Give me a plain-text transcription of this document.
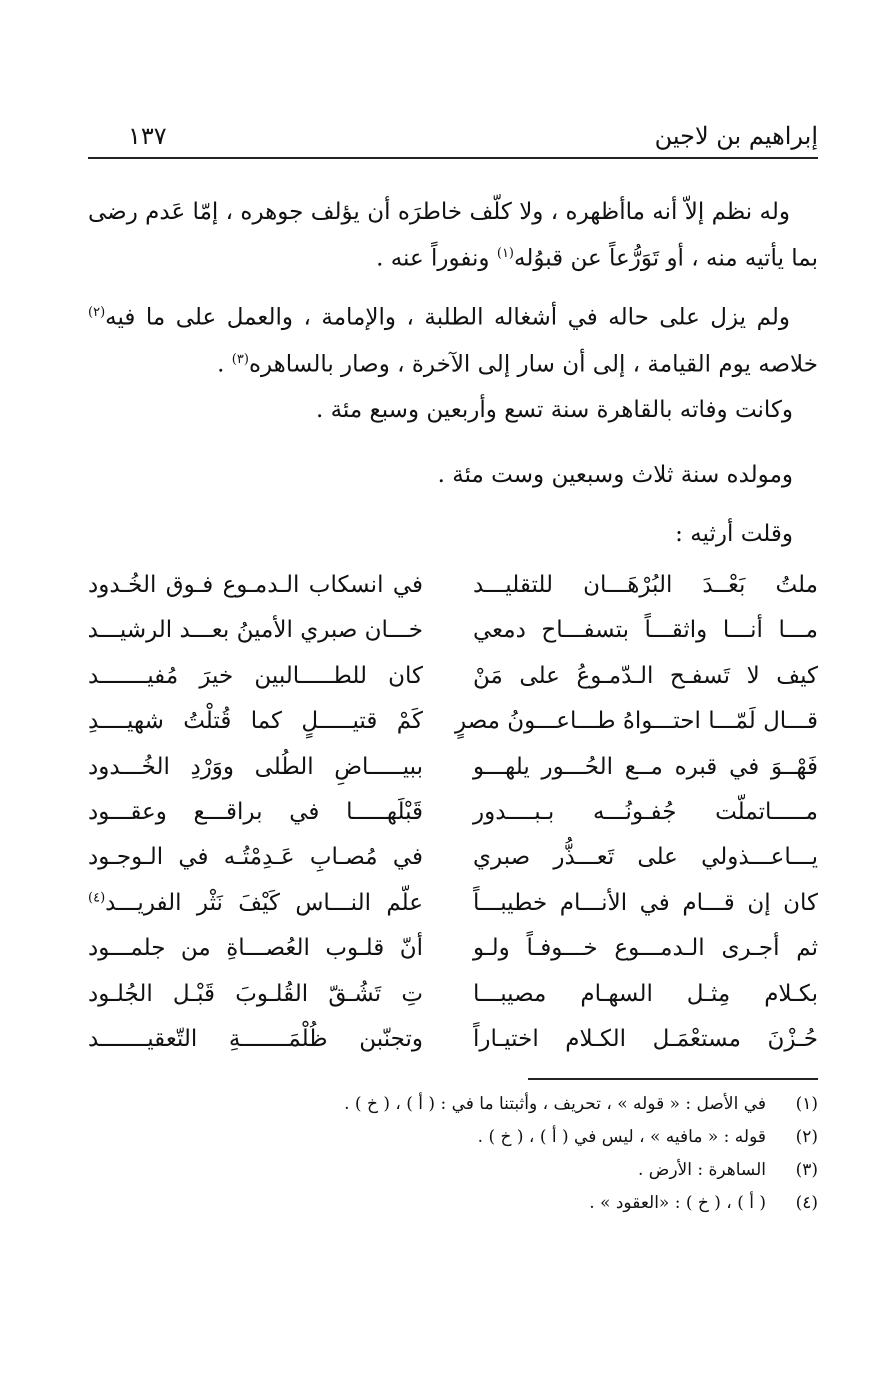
إبراهيم بن لاجين
١٣٧
وله نظم إلاّ أنه ماأظهره ، ولا كلّف خاطرَه أن يؤلف جوهره ، إمّا عَدم رضى بما يأتيه منه ، أو تَوَرُّعاً عن قبوُله$^{(١)}$ ونفوراً عنه .
ولم يزل على حاله في أشغاله الطلبة ، والإمامة ، والعمل على ما فيه$^{(٢)}$ خلاصه يوم القيامة ، إلى أن سار إلى الآخرة ، وصار بالساهره$^{(٣)}$ .
وكانت وفاته بالقاهرة سنة تسع وأربعين وسبع مئة .
ومولده سنة ثلاث وسبعين وست مئة .
وقلت أرثيه :
ملتُ بَعْــدَ البُرْهَـــان للتقليـــد
في انسكاب الـدمـوع فـوق الخُـدود
مـــا أنـــا واثقـــاً بتسفـــاح دمعي
خـــان صبري الأمينُ بعـــد الرشيـــد
كيف لا تَسفـح الـدّمـوعُ على مَنْ
كان للطـــــالبين خيرَ مُفيـــــــد
قـــال لَمّـــا احتـــواهُ طـــاعـــونُ مصرٍ
كَمْ قتيـــــلٍ كما قُتلْتُ شهيــــدِ
فَهْــوَ في قبره مــع الحُـــور يلهـــو
ببيـــــاضِ الطُلى ووَرْدِ الخُـــدود
مـــــاتملّت جُفـونُـــه بـبــــدور
قَبْلَهـــــا في براقـــع وعقـــود
يـــاعـــذولي على تَعـــذُّر صبري
في مُصـابِ عَـدِمْتُـه في الـوجـود
كان إن قـــام في الأنـــام خطيبـــاً
علّم النـــاس كَيْفَ نَثْر الفريـــد$^{(٤)}$
ثم أجـرى الـدمـــوع خـــوفـاً ولـو
أنّ قلـوب العُصـــاةِ من جلمـــود
بكـلام مِثـل السهـام مصيبـــا
تِ تَشُـقّ القُلـوبَ قَبْـل الجُلـود
حُـزْنَ مستعْمَـل الكـلام اختيـاراً
وتجنّبن ظُلْمَـــــــةِ التّعقيـــــــد
(١)
في الأصل : « قوله » ، تحريف ، وأثبتنا ما في : ( أ ) ، ( خ ) .
(٢)
قوله : « مافيه » ، ليس في ( أ ) ، ( خ ) .
(٣)
الساهرة : الأرض .
(٤)
( أ ) ، ( خ ) : «العقود » .
